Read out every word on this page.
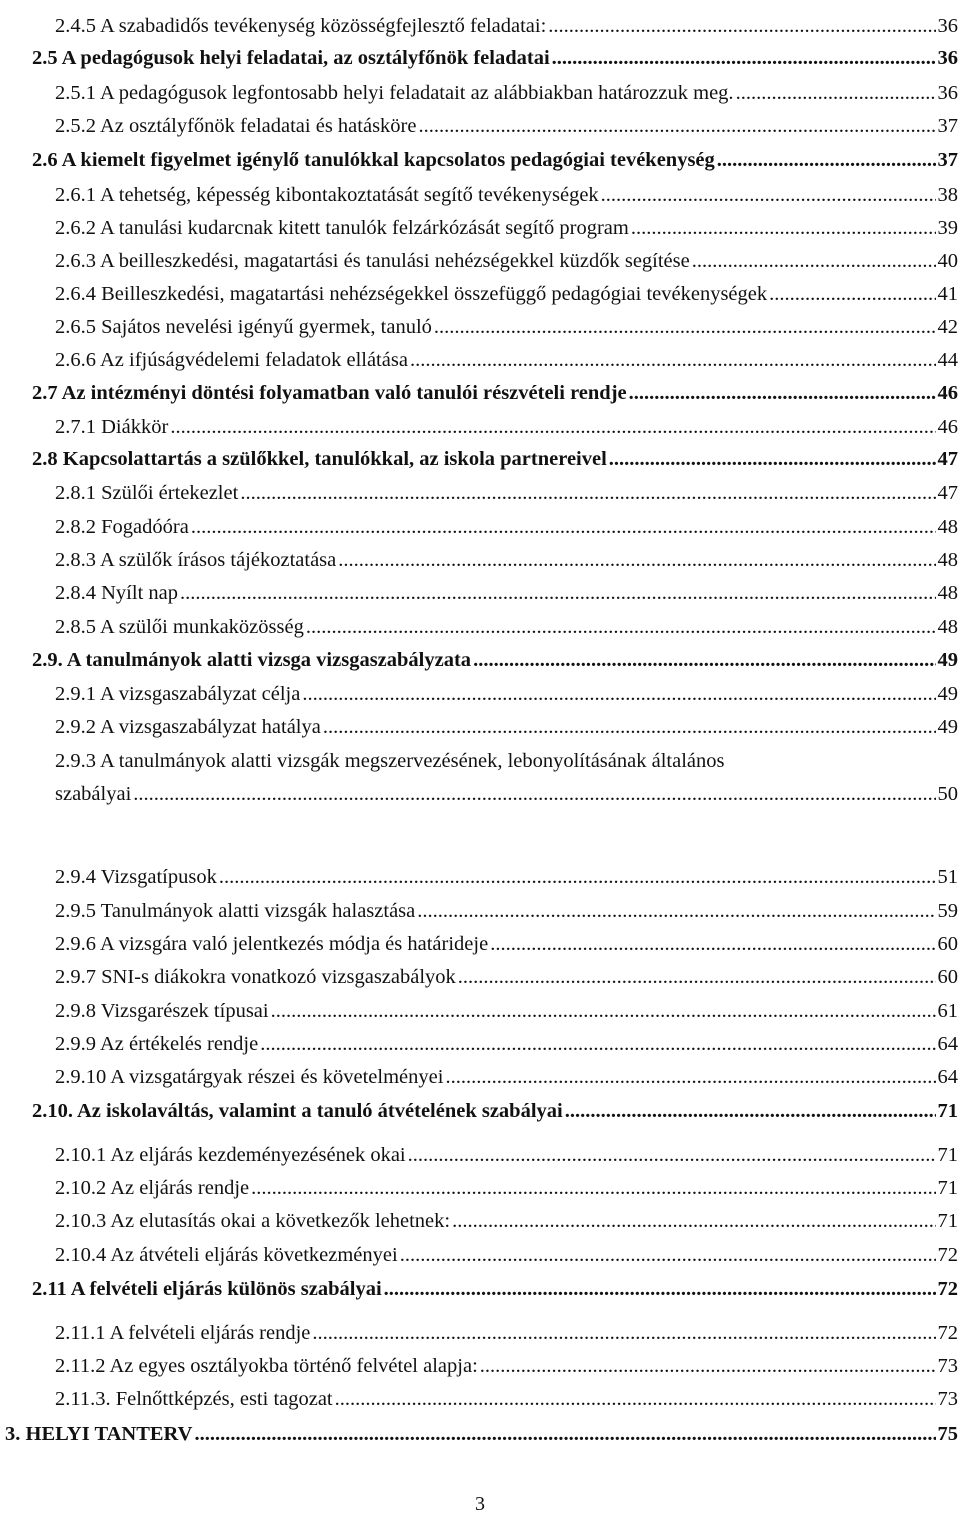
2.4.5 A szabadidős tevékenység közösségfejlesztő feladatai: .....	36
2.5 A pedagógusok helyi feladatai, az osztályfőnök feladatai .....	36
2.5.1 A pedagógusok legfontosabb helyi feladatait az alábbiakban határozzuk meg. .....	36
2.5.2 Az osztályfőnök feladatai és hatásköre .....	37
2.6 A kiemelt figyelmet igénylő tanulókkal kapcsolatos pedagógiai tevékenység .....	37
2.6.1 A tehetség, képesség kibontakoztatását segítő tevékenységek .....	38
2.6.2 A tanulási kudarcnak kitett tanulók felzárkózását segítő program .....	39
2.6.3 A beilleszkedési, magatartási és tanulási nehézségekkel küzdők segítése .....	40
2.6.4 Beilleszkedési, magatartási nehézségekkel összefüggő pedagógiai tevékenységek .....	41
2.6.5 Sajátos nevelési igényű gyermek, tanuló .....	42
2.6.6 Az ifjúságvédelemi feladatok ellátása .....	44
2.7 Az intézményi döntési folyamatban való tanulói részvételi rendje .....	46
2.7.1 Diákkör .....	46
2.8 Kapcsolattartás a szülőkkel, tanulókkal, az iskola partnereivel .....	47
2.8.1 Szülői értekezlet .....	47
2.8.2 Fogadóóra .....	48
2.8.3 A szülők írásos tájékoztatása .....	48
2.8.4 Nyílt nap .....	48
2.8.5 A szülői munkaközösség .....	48
2.9. A tanulmányok alatti vizsga vizsgaszabályzata .....	49
2.9.1 A vizsgaszabályzat célja .....	49
2.9.2 A vizsgaszabályzat hatálya .....	49
2.9.3 A tanulmányok alatti vizsgák megszervezésének, lebonyolításának általános
szabályai .....	50
2.9.4 Vizsgatípusok .....	51
2.9.5 Tanulmányok alatti vizsgák halasztása .....	59
2.9.6 A vizsgára való jelentkezés módja és határideje .....	60
2.9.7 SNI-s diákokra vonatkozó vizsgaszabályok .....	60
2.9.8 Vizsgarészek típusai .....	61
2.9.9 Az értékelés rendje .....	64
2.9.10 A vizsgatárgyak részei és követelményei .....	64
2.10. Az iskolaváltás, valamint a tanuló átvételének szabályai .....	71
2.10.1 Az eljárás kezdeményezésének okai .....	71
2.10.2 Az eljárás rendje .....	71
2.10.3 Az elutasítás okai a következők lehetnek: .....	71
2.10.4 Az átvételi eljárás következményei .....	72
2.11 A felvételi eljárás különös szabályai .....	72
2.11.1 A felvételi eljárás rendje .....	72
2.11.2 Az egyes osztályokba történő felvétel alapja: .....	73
2.11.3. Felnőttképzés, esti tagozat .....	73
3. HELYI TANTERV .....	75
3
